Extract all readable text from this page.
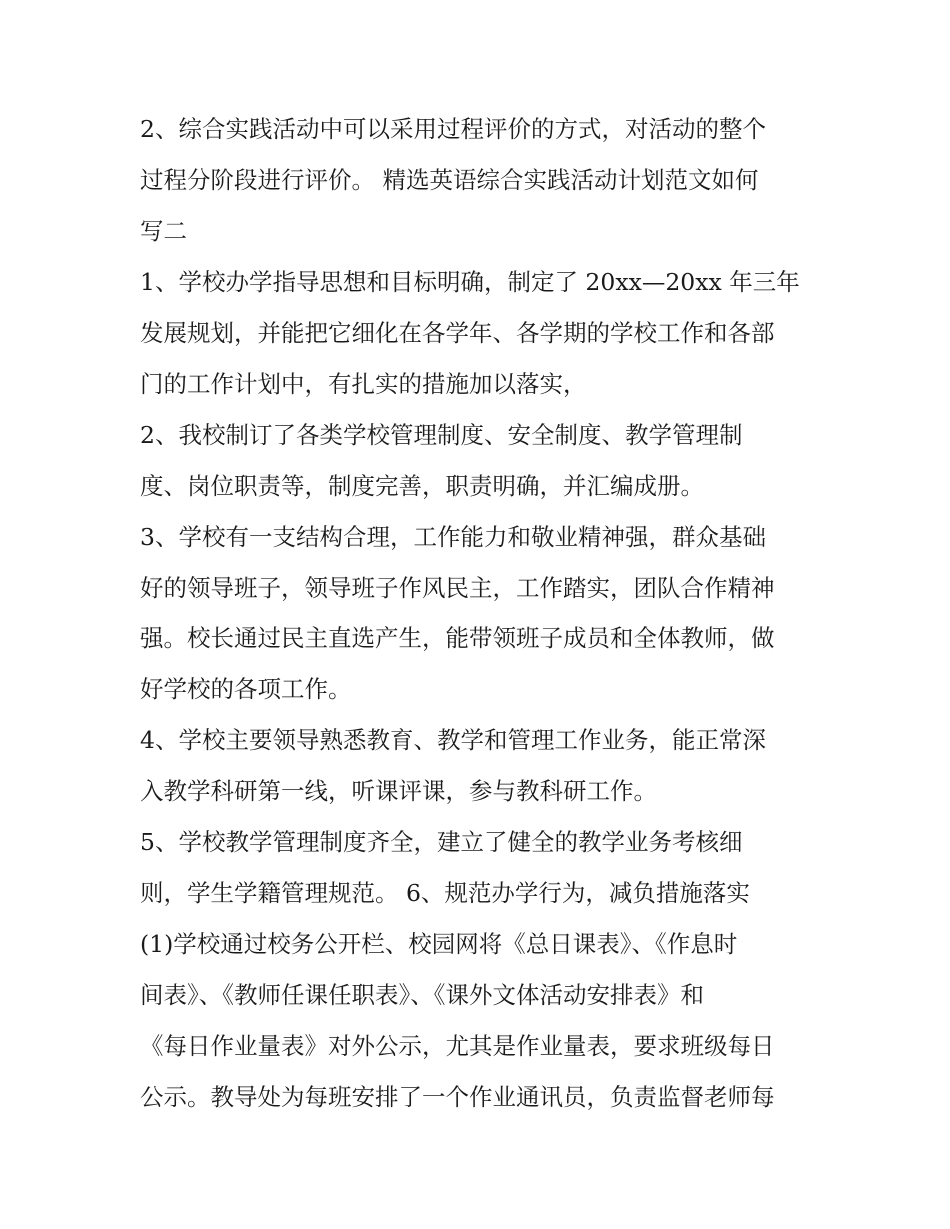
2、综合实践活动中可以采用过程评价的方式，对活动的整个
过程分阶段进行评价。 精选英语综合实践活动计划范文如何
写二
1、学校办学指导思想和目标明确，制定了 20xx—20xx 年三年
发展规划，并能把它细化在各学年、各学期的学校工作和各部
门的工作计划中，有扎实的措施加以落实，
2、我校制订了各类学校管理制度、安全制度、教学管理制
度、岗位职责等，制度完善，职责明确，并汇编成册。
3、学校有一支结构合理，工作能力和敬业精神强，群众基础
好的领导班子，领导班子作风民主，工作踏实，团队合作精神
强。校长通过民主直选产生，能带领班子成员和全体教师，做
好学校的各项工作。
4、学校主要领导熟悉教育、教学和管理工作业务，能正常深
入教学科研第一线，听课评课，参与教科研工作。
5、学校教学管理制度齐全，建立了健全的教学业务考核细
则，学生学籍管理规范。 6、规范办学行为，减负措施落实
(1)学校通过校务公开栏、校园网将《总日课表》、《作息时
间表》、《教师任课任职表》、《课外文体活动安排表》和
《每日作业量表》对外公示，尤其是作业量表，要求班级每日
公示。教导处为每班安排了一个作业通讯员，负责监督老师每
